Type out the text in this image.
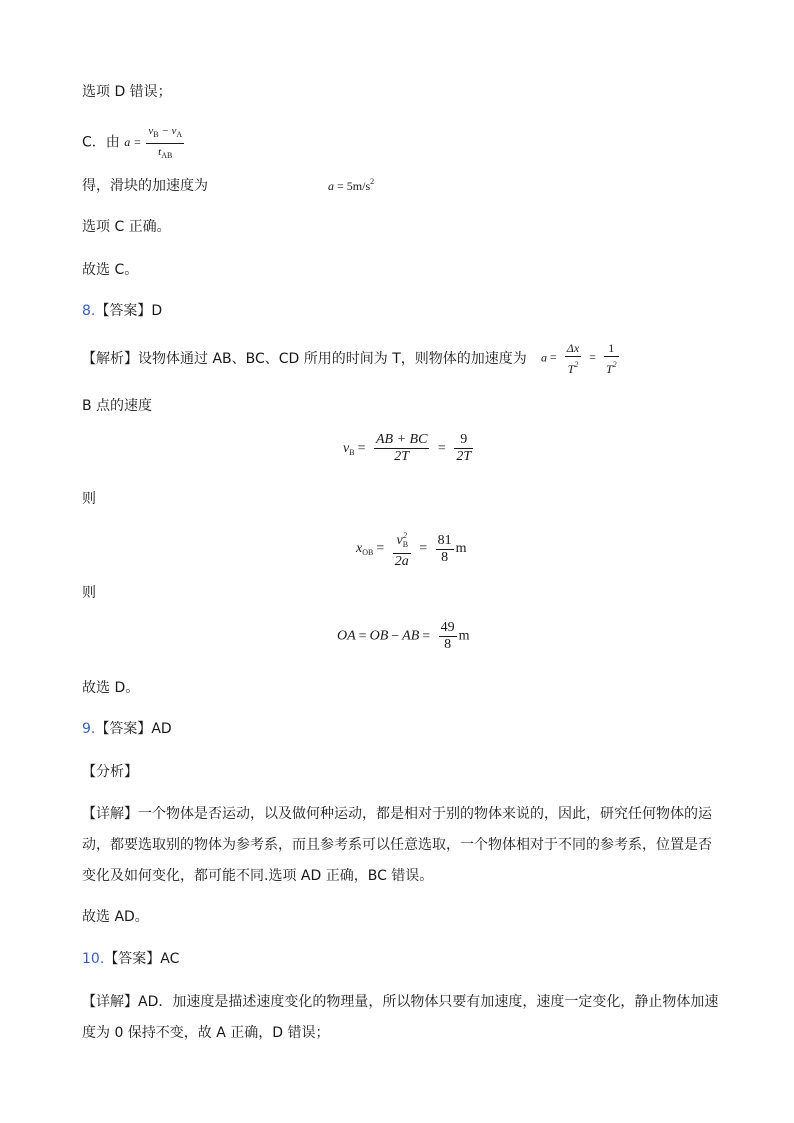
选项 D 错误；
C．由 $a = \frac{v_B - v_A}{t_{AB}}$
得，滑块的加速度为	$a = 5m/s^2$
选项 C 正确。
故选 C。
8.【答案】D
【解析】设物体通过 AB、BC、CD 所用的时间为 T，则物体的加速度为 $a = \frac{\Delta x}{T^2} = \frac{1}{T^2}$
B 点的速度
$v_B = \frac{AB + BC}{2T} = \frac{9}{2T}$
则
$x_{OB} = \frac{v_B^2}{2a} = \frac{81}{8}$ m
则
OA = OB − AB = $\frac{49}{8}$ m
故选 D。
9.【答案】AD
【分析】
【详解】一个物体是否运动，以及做何种运动，都是相对于别的物体来说的，因此，研究任何物体的运
动，都要选取别的物体为参考系，而且参考系可以任意选取，一个物体相对于不同的参考系，位置是否
变化及如何变化，都可能不同.选项 AD 正确，BC 错误。
故选 AD。
10.【答案】AC
【详解】AD．加速度是描述速度变化的物理量，所以物体只要有加速度，速度一定变化，静止物体加速
度为 0 保持不变，故 A 正确，D 错误；
